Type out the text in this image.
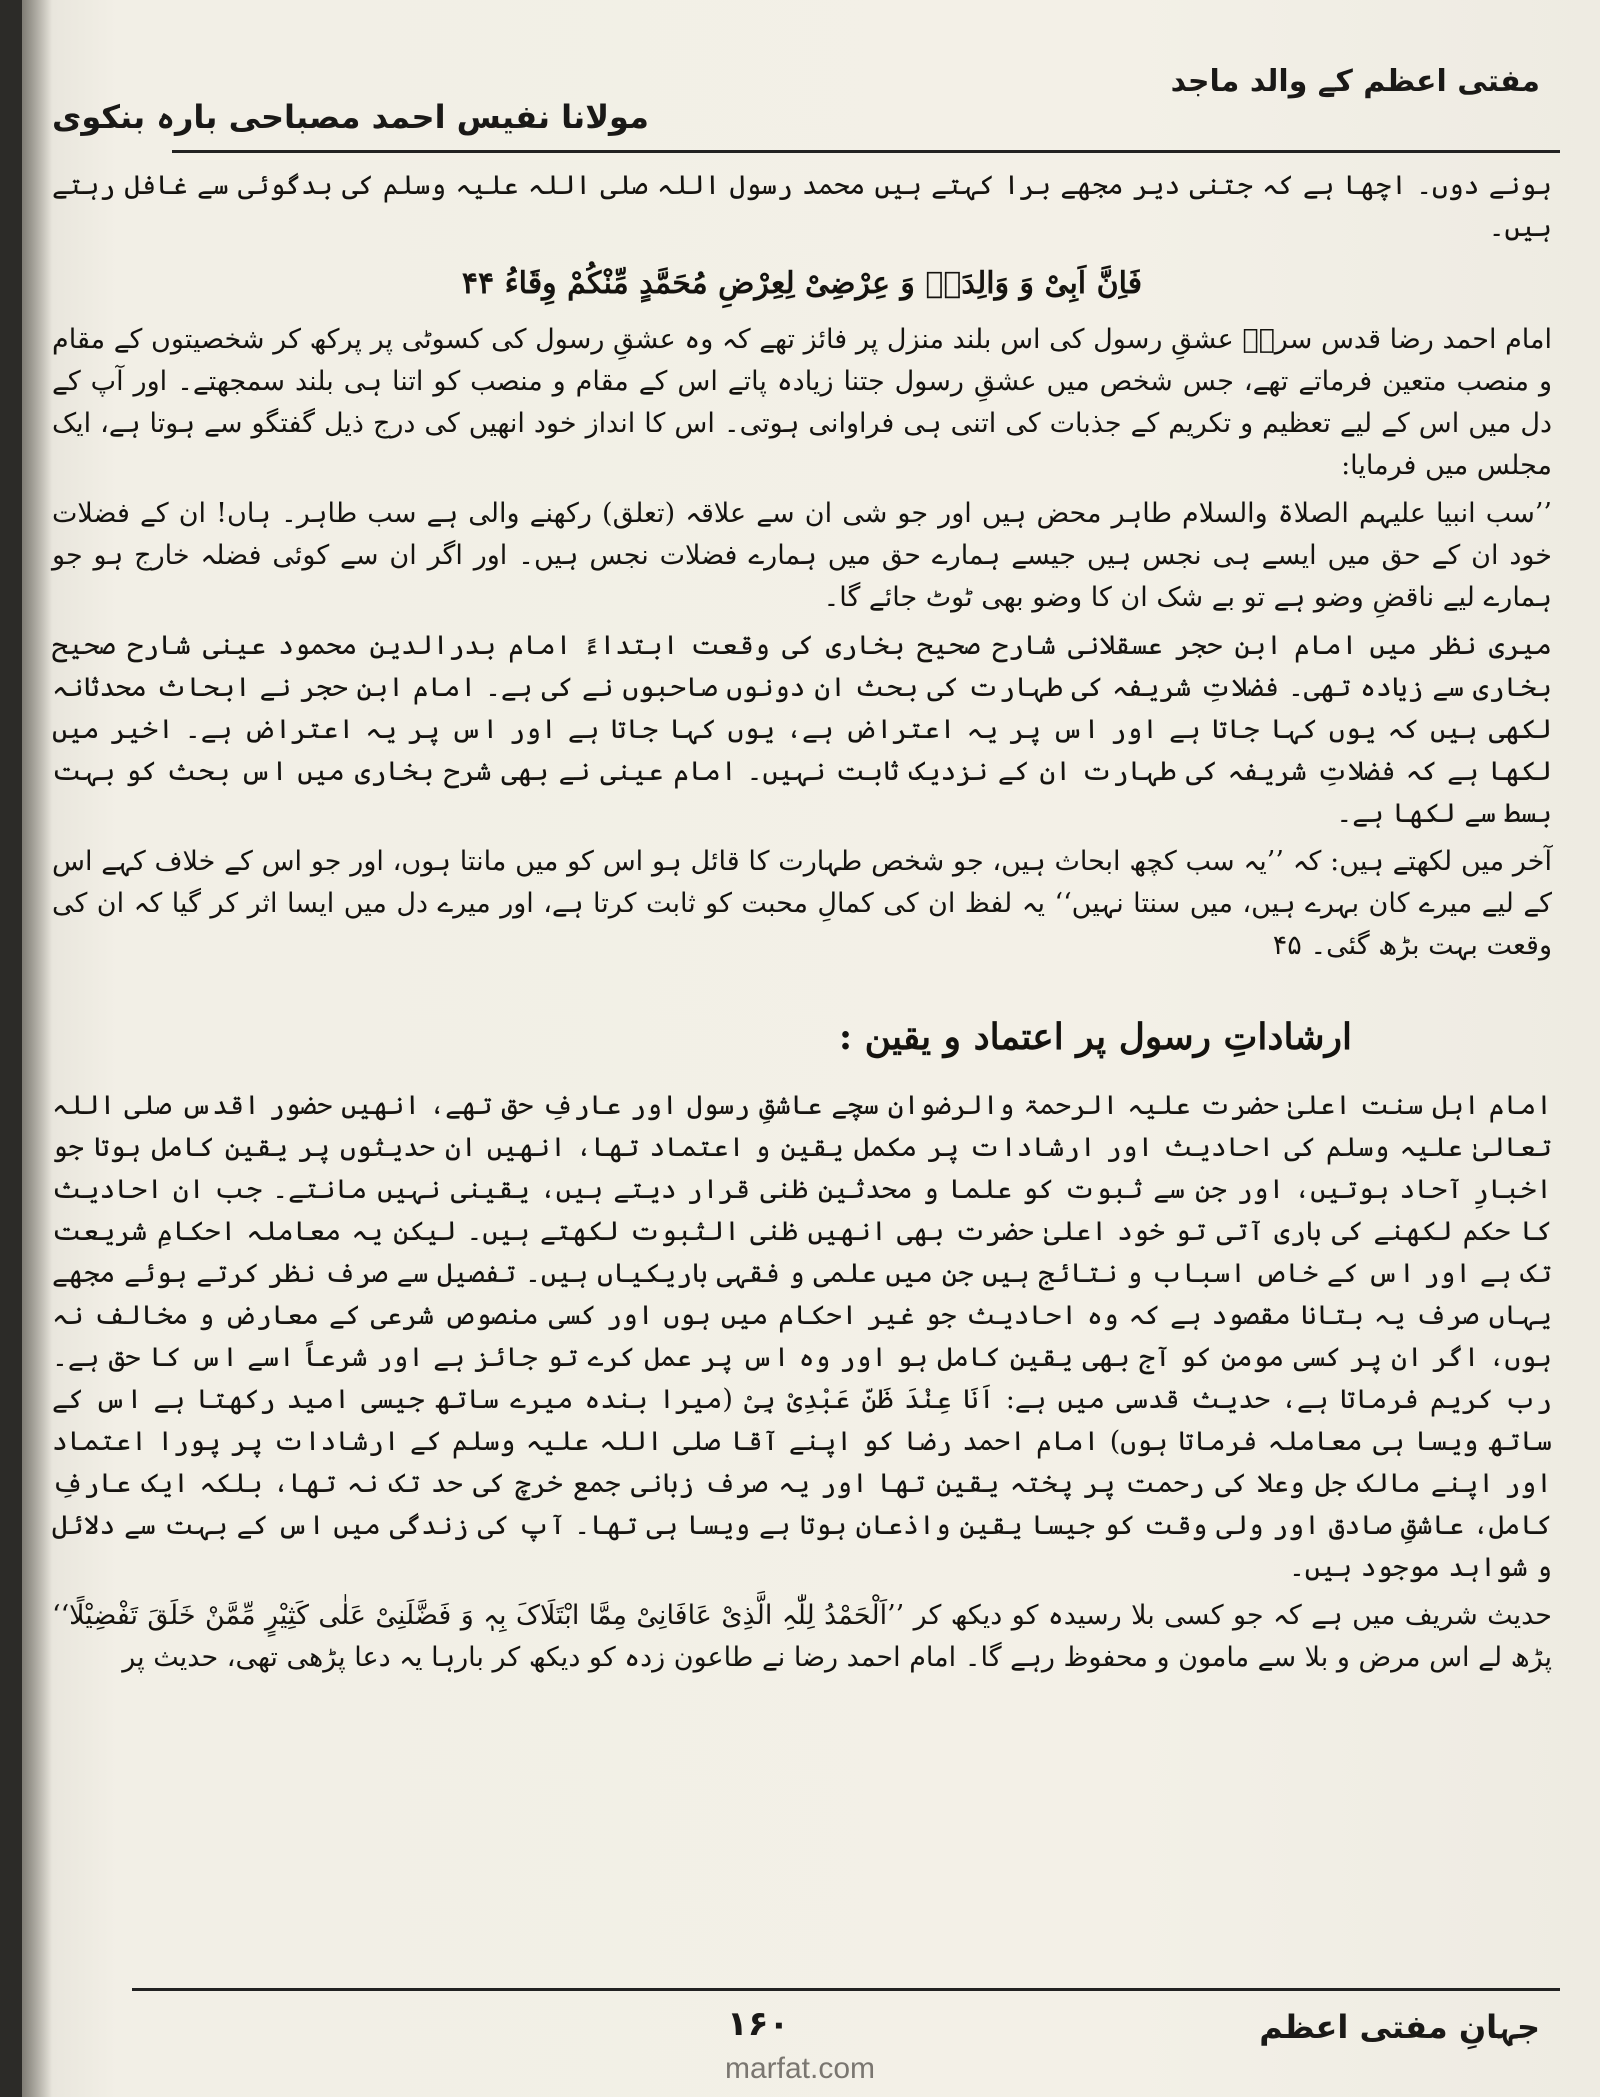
مفتی اعظم کے والد ماجد
مولانا نفیس احمد مصباحی بارہ بنکوی

ہونے دوں۔ اچھا ہے کہ جتنی دیر مجھے برا کہتے ہیں محمد رسول اللہ صلی اللہ علیہ وسلم کی بدگوئی سے غافل رہتے ہیں۔

فَاِنَّ اَبِیْ وَ وَالِدَہٗ وَ عِرْضِیْ لِعِرْضِ مُحَمَّدٍ مِّنْکُمْ وِقَاءُ ۴۴

امام احمد رضا قدس سرہٗ عشقِ رسول کی اس بلند منزل پر فائز تھے کہ وہ عشقِ رسول کی کسوٹی پر پرکھ کر شخصیتوں کے مقام و منصب متعین فرماتے تھے، جس شخص میں عشقِ رسول جتنا زیادہ پاتے اس کے مقام و منصب کو اتنا ہی بلند سمجھتے۔ اور آپ کے دل میں اس کے لیے تعظیم و تکریم کے جذبات کی اتنی ہی فراوانی ہوتی۔ اس کا انداز خود انھیں کی درج ذیل گفتگو سے ہوتا ہے، ایک مجلس میں فرمایا:

’’سب انبیا علیہم الصلاۃ والسلام طاہر محض ہیں اور جو شی ان سے علاقہ (تعلق) رکھنے والی ہے سب طاہر۔ ہاں! ان کے فضلات خود ان کے حق میں ایسے ہی نجس ہیں جیسے ہمارے حق میں ہمارے فضلات نجس ہیں۔ اور اگر ان سے کوئی فضلہ خارج ہو جو ہمارے لیے ناقضِ وضو ہے تو بے شک ان کا وضو بھی ٹوٹ جائے گا۔

میری نظر میں امام ابن حجر عسقلانی شارح صحیح بخاری کی وقعت ابتداءً امام بدرالدین محمود عینی شارح صحیح بخاری سے زیادہ تھی۔ فضلاتِ شریفہ کی طہارت کی بحث ان دونوں صاحبوں نے کی ہے۔ امام ابن حجر نے ابحاث محدثانہ لکھی ہیں کہ یوں کہا جاتا ہے اور اس پر یہ اعتراض ہے، یوں کہا جاتا ہے اور اس پر یہ اعتراض ہے۔ اخیر میں لکھا ہے کہ فضلاتِ شریفہ کی طہارت ان کے نزدیک ثابت نہیں۔ امام عینی نے بھی شرح بخاری میں اس بحث کو بہت بسط سے لکھا ہے۔

آخر میں لکھتے ہیں: کہ ’’یہ سب کچھ ابحاث ہیں، جو شخص طہارت کا قائل ہو اس کو میں مانتا ہوں، اور جو اس کے خلاف کہے اس کے لیے میرے کان بہرے ہیں، میں سنتا نہیں‘‘ یہ لفظ ان کی کمالِ محبت کو ثابت کرتا ہے، اور میرے دل میں ایسا اثر کر گیا کہ ان کی وقعت بہت بڑھ گئی۔ ۴۵

ارشاداتِ رسول پر اعتماد و یقین :

امام اہل سنت اعلیٰ حضرت علیہ الرحمۃ والرضوان سچے عاشقِ رسول اور عارفِ حق تھے، انھیں حضور اقدس صلی اللہ تعالیٰ علیہ وسلم کی احادیث اور ارشادات پر مکمل یقین و اعتماد تھا، انھیں ان حدیثوں پر یقین کامل ہوتا جو اخبارِ آحاد ہوتیں، اور جن سے ثبوت کو علما و محدثین ظنی قرار دیتے ہیں، یقینی نہیں مانتے۔ جب ان احادیث کا حکم لکھنے کی باری آتی تو خود اعلیٰ حضرت بھی انھیں ظنی الثبوت لکھتے ہیں۔ لیکن یہ معاملہ احکامِ شریعت تک ہے اور اس کے خاص اسباب و نتائج ہیں جن میں علمی و فقہی باریکیاں ہیں۔ تفصیل سے صرف نظر کرتے ہوئے مجھے یہاں صرف یہ بتانا مقصود ہے کہ وہ احادیث جو غیر احکام میں ہوں اور کسی منصوص شرعی کے معارض و مخالف نہ ہوں، اگر ان پر کسی مومن کو آج بھی یقینِ کامل ہو اور وہ اس پر عمل کرے تو جائز ہے اور شرعاً اسے اس کا حق ہے۔ رب کریم فرماتا ہے، حدیث قدسی میں ہے: اَنَا عِنْدَ ظَنِّ عَبْدِیْ بِیْ (میرا بندہ میرے ساتھ جیسی امید رکھتا ہے اس کے ساتھ ویسا ہی معاملہ فرماتا ہوں) امام احمد رضا کو اپنے آقا صلی اللہ علیہ وسلم کے ارشادات پر پورا اعتماد اور اپنے مالک جل وعلا کی رحمت پر پختہ یقین تھا اور یہ صرف زبانی جمع خرچ کی حد تک نہ تھا، بلکہ ایک عارفِ کامل، عاشقِ صادق اور ولی وقت کو جیسا یقین واذعان ہوتا ہے ویسا ہی تھا۔ آپ کی زندگی میں اس کے بہت سے دلائل و شواہد موجود ہیں۔

حدیث شریف میں ہے کہ جو کسی بلا رسیدہ کو دیکھ کر ’’اَلْحَمْدُ لِلّٰہِ الَّذِیْ عَافَانِیْ مِمَّا ابْتَلَاکَ بِہٖ وَ فَضَّلَنِیْ عَلٰی کَثِیْرٍ مِّمَّنْ خَلَقَ تَفْضِیْلًا‘‘ پڑھ لے اس مرض و بلا سے مامون و محفوظ رہے گا۔ امام احمد رضا نے طاعون زدہ کو دیکھ کر بارہا یہ دعا پڑھی تھی، حدیث پر

جہانِ مفتی اعظم
۱۶۰
marfat.com
